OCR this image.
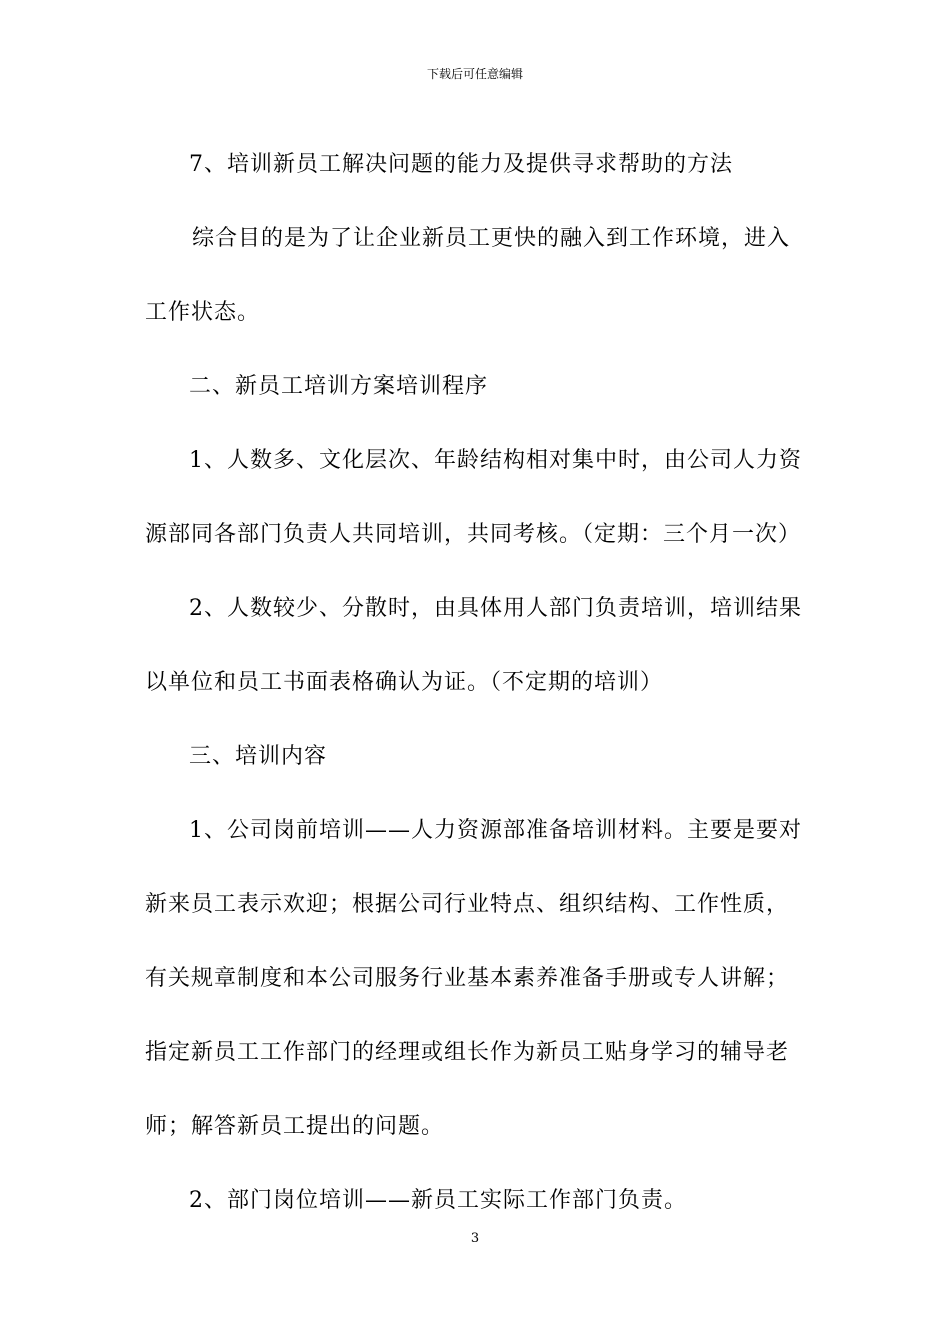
下载后可任意编辑

7、培训新员工解决问题的能力及提供寻求帮助的方法

综合目的是为了让企业新员工更快的融入到工作环境，进入工作状态。

二、新员工培训方案培训程序

1、人数多、文化层次、年龄结构相对集中时，由公司人力资源部同各部门负责人共同培训，共同考核。（定期：三个月一次）

2、人数较少、分散时，由具体用人部门负责培训，培训结果以单位和员工书面表格确认为证。（不定期的培训）

三、培训内容

1、公司岗前培训——人力资源部准备培训材料。主要是要对新来员工表示欢迎；根据公司行业特点、组织结构、工作性质，有关规章制度和本公司服务行业基本素养准备手册或专人讲解；指定新员工工作部门的经理或组长作为新员工贴身学习的辅导老师；解答新员工提出的问题。

2、部门岗位培训——新员工实际工作部门负责。

3
